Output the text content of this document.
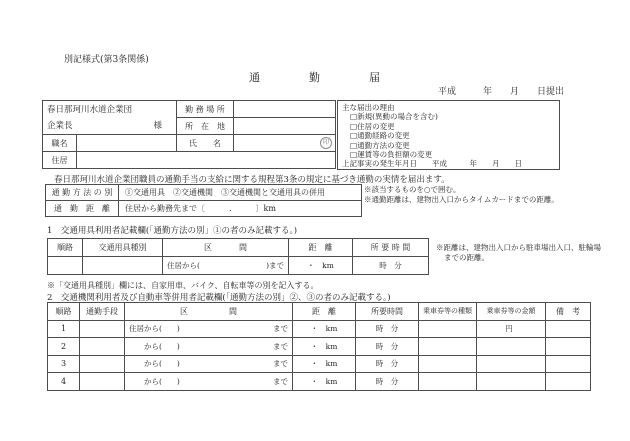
別記様式(第3条関係)
通　　　　勤　　　　届
平成　　　年　　月　　日提出
春日那珂川水道企業団
企業長 様		勤 務 場 所	
		所　在　地	
職名		氏　　名	印

住居			
主な届出の理由
□新規(異動の場合を含む)
□住居の変更
□通勤経路の変更
□通勤方法の変更
□運賃等の負担額の変更
上記事実の発生年月日　　平成　　　年　　月　　日
春日那珂川水道企業団職員の通勤手当の支給に関する規程第3条の規定に基づき通勤の実情を届出ます。
通 勤 方 法 の 別	①交通用具　②交通機関　③交通機関と交通用具の併用
通　勤　距　離	住居から勤務先まで〔　　　.　　　〕km
※該当するものを○で囲む。
※通勤距離は、建物出入口からタイムカードまでの距離。
1　交通用具利用者記載欄(「通勤方法の別」①の者のみ記載する。)
順路	交通用具種別	区 間	距　離	所 要 時 間

		住居から( )まで	・　km	時　分
※距離は、建物出入口から駐車場出入口、駐輪場までの距離。
※「交通用具種別」欄には、自家用車、バイク、自転車等の別を記入する。
2　交通機関利用者及び自動車等併用者記載欄(「通勤方法の別」②、③の者のみ記載する。)
順路	通勤手段	区 間	距　離	所要時間	乗車券等の種類	乗車券等の金額	備　考
1		住居から(　　) まで	・　km	時　分		円	
2		　　から(　　) まで	・　km	時　分			
3		　　から(　　) まで	・　km	時　分			
4		　　から(　　) まで	・　km	時　分			
